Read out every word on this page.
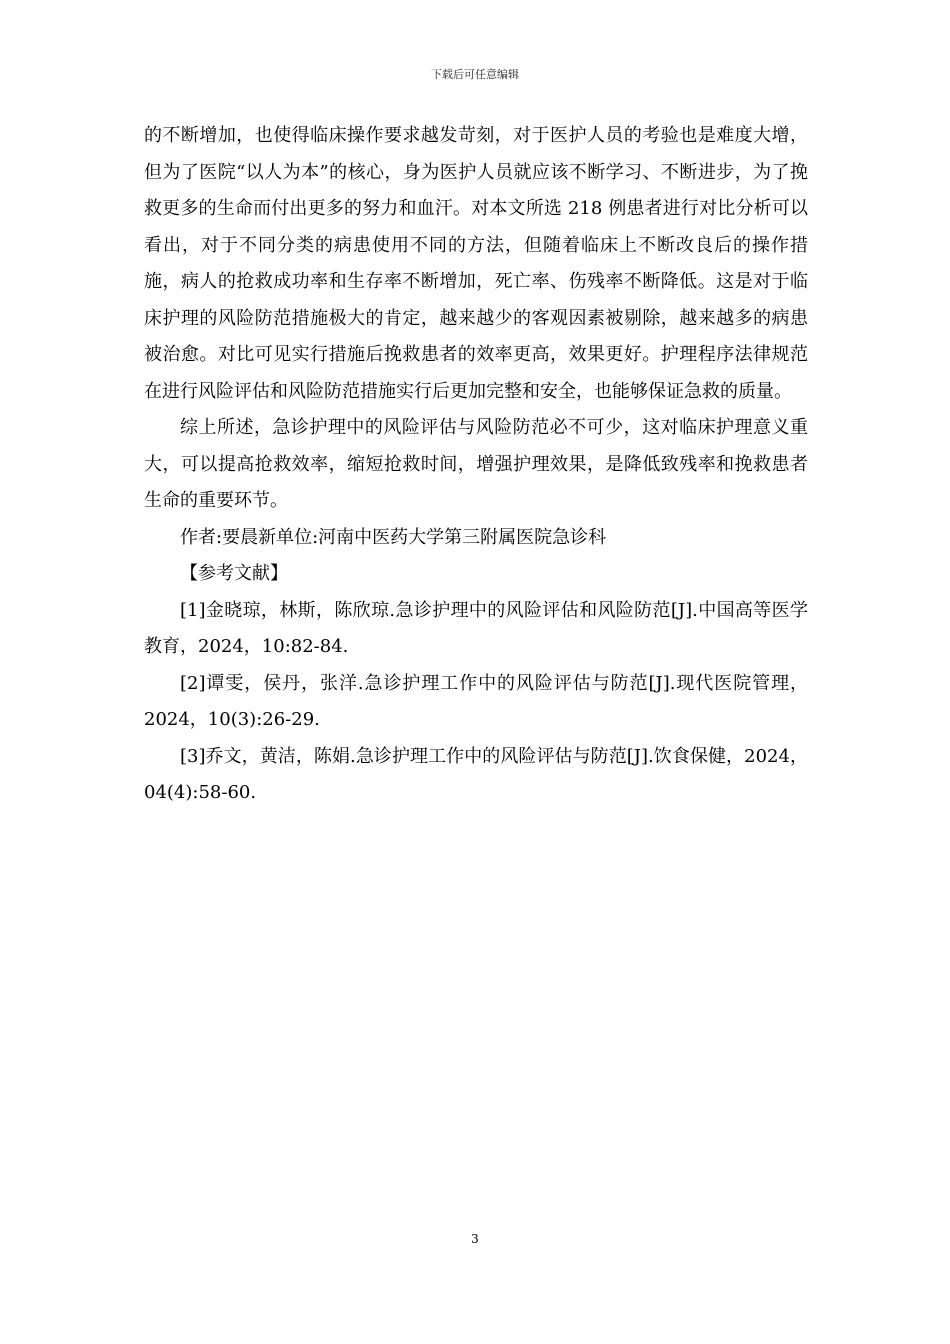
下载后可任意编辑

的不断增加，也使得临床操作要求越发苛刻，对于医护人员的考验也是难度大增，但为了医院“以人为本”的核心，身为医护人员就应该不断学习、不断进步，为了挽救更多的生命而付出更多的努力和血汗。对本文所选 218 例患者进行对比分析可以看出，对于不同分类的病患使用不同的方法，但随着临床上不断改良后的操作措施，病人的抢救成功率和生存率不断增加，死亡率、伤残率不断降低。这是对于临床护理的风险防范措施极大的肯定，越来越少的客观因素被剔除，越来越多的病患被治愈。对比可见实行措施后挽救患者的效率更高，效果更好。护理程序法律规范在进行风险评估和风险防范措施实行后更加完整和安全，也能够保证急救的质量。

综上所述，急诊护理中的风险评估与风险防范必不可少，这对临床护理意义重大，可以提高抢救效率，缩短抢救时间，增强护理效果，是降低致残率和挽救患者生命的重要环节。

作者:要晨新单位:河南中医药大学第三附属医院急诊科

【参考文献】

[1]金晓琼，林斯，陈欣琼.急诊护理中的风险评估和风险防范[J].中国高等医学教育，2024，10:82-84.

[2]谭雯，侯丹，张洋.急诊护理工作中的风险评估与防范[J].现代医院管理，2024，10(3):26-29.

[3]乔文，黄洁，陈娟.急诊护理工作中的风险评估与防范[J].饮食保健，2024，04(4):58-60.

3
